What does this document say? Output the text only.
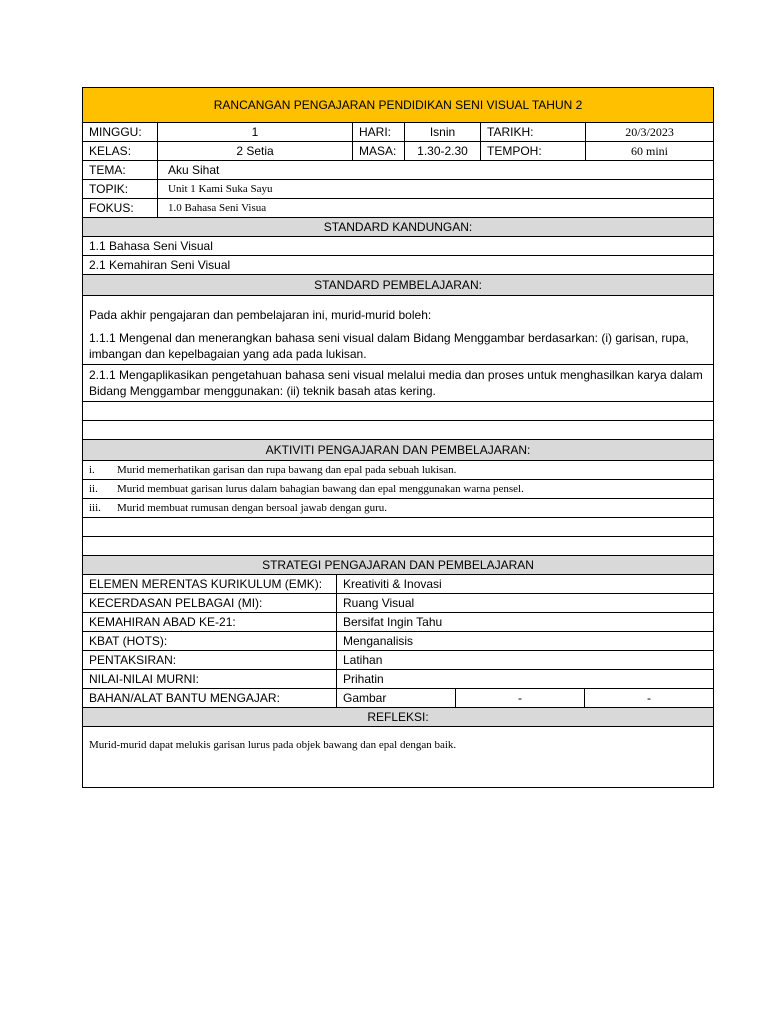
RANCANGAN PENGAJARAN PENDIDIKAN SENI VISUAL TAHUN 2					
MINGGU:	1	HARI:	Isnin	TARIKH:	20/3/2023
KELAS:	2 Setia	MASA:	1.30-2.30	TEMPOH:	60 mini
TEMA:	Aku Sihat				
TOPIK:	Unit 1 Kami Suka Sayu				
FOKUS:	1.0 Bahasa Seni Visua				
STANDARD KANDUNGAN:					
1.1 Bahasa Seni Visual					
2.1 Kemahiran Seni Visual					
STANDARD PEMBELAJARAN:					
Pada akhir pengajaran dan pembelajaran ini, murid-murid boleh:					
1.1.1 Mengenal dan menerangkan bahasa seni visual dalam Bidang Menggambar berdasarkan: (i) garisan, rupa, imbangan dan kepelbagaian yang ada pada lukisan.					
2.1.1 Mengaplikasikan pengetahuan bahasa seni visual melalui media dan proses untuk menghasilkan karya dalam Bidang Menggambar menggunakan: (ii) teknik basah atas kering.					

AKTIVITI PENGAJARAN DAN PEMBELAJARAN:					
i. Murid memerhatikan garisan dan rupa bawang dan epal pada sebuah lukisan.					
ii. Murid membuat garisan lurus dalam bahagian bawang dan epal menggunakan warna pensel.					
iii. Murid membuat rumusan dengan bersoal jawab dengan guru.					

STRATEGI PENGAJARAN DAN PEMBELAJARAN			
ELEMEN MERENTAS KURIKULUM (EMK):	Kreativiti & Inovasi		
KECERDASAN PELBAGAI (MI):	Ruang Visual		
KEMAHIRAN ABAD KE-21:	Bersifat Ingin Tahu		
KBAT (HOTS):	Menganalisis		
PENTAKSIRAN:	Latihan		
NILAI-NILAI MURNI:	Prihatin		
BAHAN/ALAT BANTU MENGAJAR:	Gambar	-	-
REFLEKSI:			
Murid-murid dapat melukis garisan lurus pada objek bawang dan epal dengan baik.			
